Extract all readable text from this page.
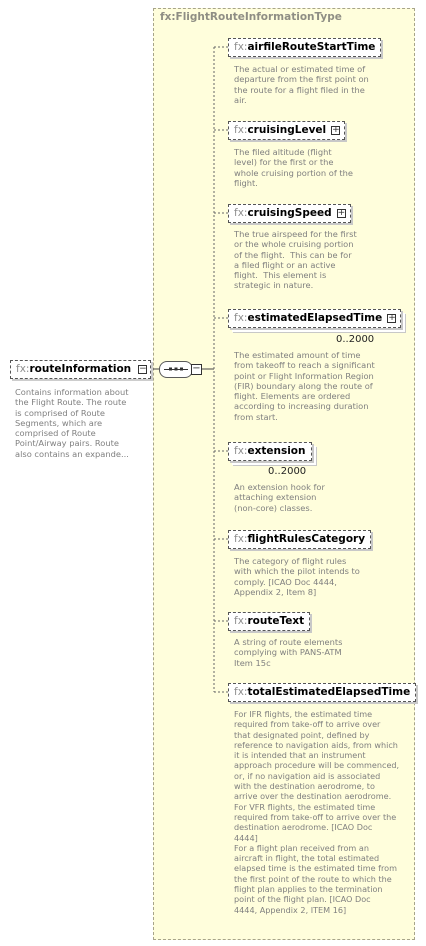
fx:FlightRouteInformationType
−
fx:routeInformation −
Contains information about
the Flight Route. The route
is comprised of Route
Segments, which are
comprised of Route
Point/Airway pairs. Route
also contains an expande...
fx:airfileRouteStartTime
The actual or estimated time of
departure from the first point on
the route for a flight filed in the
air.
fx:cruisingLevel +
The filed altitude (flight
level) for the first or the
whole cruising portion of the
flight.
fx:cruisingSpeed +
The true airspeed for the first
or the whole cruising portion
of the flight.  This can be for
a filed flight or an active
flight.  This element is
strategic in nature.
fx:estimatedElapsedTime +
0..2000
The estimated amount of time
from takeoff to reach a significant
point or Flight Information Region
(FIR) boundary along the route of
flight. Elements are ordered
according to increasing duration
from start.
fx:extension
0..2000
An extension hook for
attaching extension
(non-core) classes.
fx:flightRulesCategory
The category of flight rules
with which the pilot intends to
comply. [ICAO Doc 4444,
Appendix 2, Item 8]
fx:routeText
A string of route elements
complying with PANS-ATM
Item 15c
fx:totalEstimatedElapsedTime
For IFR flights, the estimated time
required from take-off to arrive over
that designated point, defined by
reference to navigation aids, from which
it is intended that an instrument
approach procedure will be commenced,
or, if no navigation aid is associated
with the destination aerodrome, to
arrive over the destination aerodrome.
For VFR flights, the estimated time
required from take-off to arrive over the
destination aerodrome. [ICAO Doc
4444]
For a flight plan received from an
aircraft in flight, the total estimated
elapsed time is the estimated time from
the first point of the route to which the
flight plan applies to the termination
point of the flight plan. [ICAO Doc
4444, Appendix 2, ITEM 16]
